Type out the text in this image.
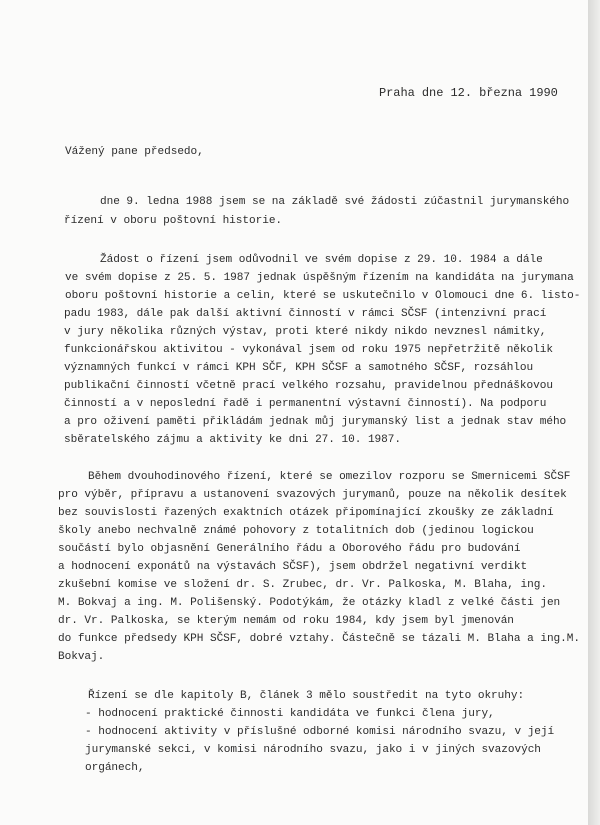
Praha dne 12. března 1990
Vážený pane předsedo,
dne 9. ledna 1988 jsem se na základě své žádosti zúčastnil jurymanského
řízení v oboru poštovní historie.
Žádost o řízení jsem odůvodnil ve svém dopise z 29. 10. 1984 a dále
ve svém dopise z 25. 5. 1987 jednak úspěšným řízením na kandidáta na jurymana
oboru poštovní historie a celin, které se uskutečnilo v Olomouci dne 6. listo-
padu 1983, dále pak další aktivní činností v rámci SČSF (intenzivní prací
v jury několika různých výstav, proti které nikdy nikdo nevznesl námitky,
funkcionářskou aktivitou - vykonával jsem od roku 1975 nepřetržitě několik
významných funkcí v rámci KPH SČF, KPH SČSF a samotného SČSF, rozsáhlou
publikační činností včetně prací velkého rozsahu, pravidelnou přednáškovou
činností a v neposlední řadě i permanentní výstavní činností). Na podporu
a pro oživení paměti přikládám jednak můj jurymanský list a jednak stav mého
sběratelského zájmu a aktivity ke dni 27. 10. 1987.
Během dvouhodinového řízení, které se omezilov rozporu se Smernicemi SČSF
pro výběr, přípravu a ustanovení svazových jurymanů, pouze na několik desítek
bez souvislosti řazených exaktních otázek připomínající zkoušky ze základní
školy anebo nechvalně známé pohovory z totalitních dob (jedinou logickou
součástí bylo objasnění Generálního řádu a Oborového řádu pro budování
a hodnocení exponátů na výstavách SČSF), jsem obdržel negativní verdikt
zkušební komise ve složení dr. S. Zrubec, dr. Vr. Palkoska, M. Blaha, ing.
M. Bokvaj a ing. M. Polišenský. Podotýkám, že otázky kladl z velké části jen
dr. Vr. Palkoska, se kterým nemám od roku 1984, kdy jsem byl jmenován
do funkce předsedy KPH SČSF, dobré vztahy. Částečně se tázali M. Blaha a ing.M.
Bokvaj.
Řízení se dle kapitoly B, článek 3 mělo soustředit na tyto okruhy:
- hodnocení praktické činnosti kandidáta ve funkci člena jury,
- hodnocení aktivity v příslušné odborné komisi národního svazu, v její
jurymanské sekci, v komisi národního svazu, jako i v jiných svazových
orgánech,
